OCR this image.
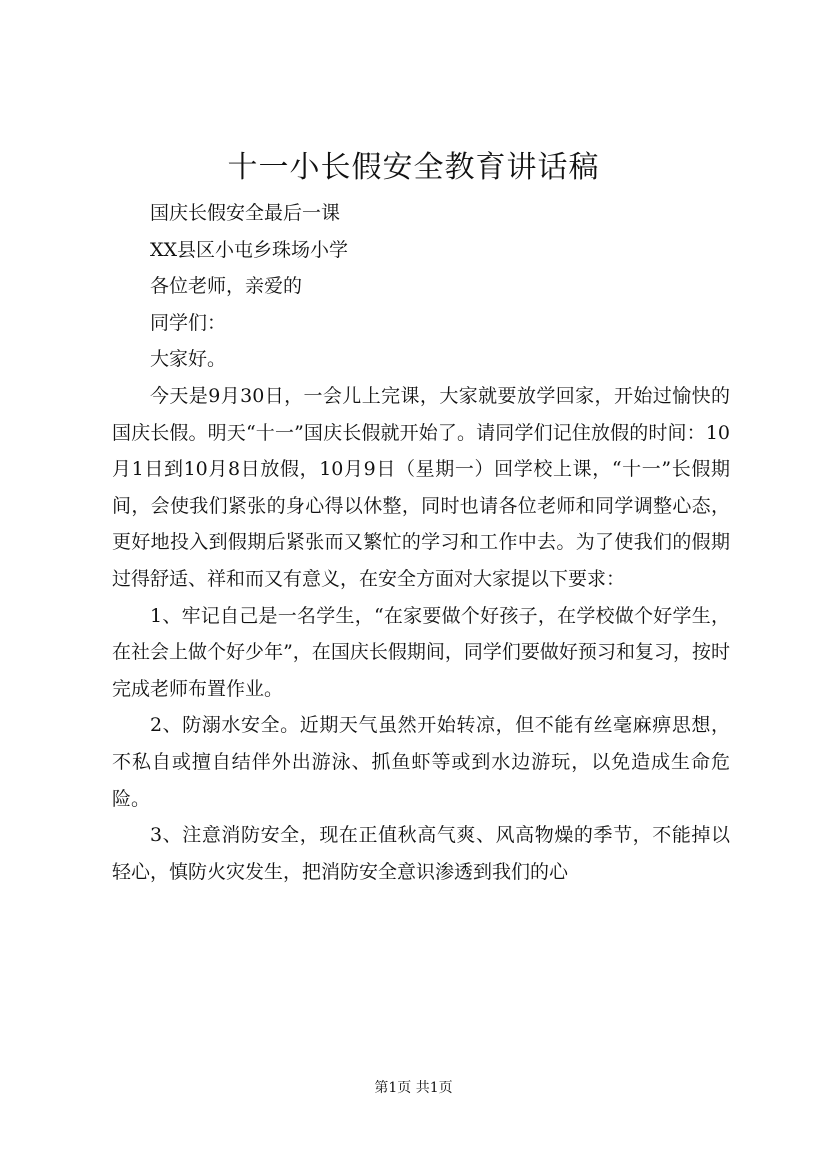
十一小长假安全教育讲话稿

国庆长假安全最后一课

XX县区小屯乡珠场小学

各位老师，亲爱的

同学们：

大家好。

今天是9月30日，一会儿上完课，大家就要放学回家，开始过愉快的国庆长假。明天“十一”国庆长假就开始了。请同学们记住放假的时间：10月1日到10月8日放假，10月9日（星期一）回学校上课，“十一”长假期间，会使我们紧张的身心得以休整，同时也请各位老师和同学调整心态，更好地投入到假期后紧张而又繁忙的学习和工作中去。为了使我们的假期过得舒适、祥和而又有意义，在安全方面对大家提以下要求：

1、牢记自己是一名学生，“在家要做个好孩子，在学校做个好学生，在社会上做个好少年”，在国庆长假期间，同学们要做好预习和复习，按时完成老师布置作业。

2、防溺水安全。近期天气虽然开始转凉，但不能有丝毫麻痹思想，不私自或擅自结伴外出游泳、抓鱼虾等或到水边游玩，以免造成生命危险。

3、注意消防安全，现在正值秋高气爽、风高物燥的季节，不能掉以轻心，慎防火灾发生，把消防安全意识渗透到我们的心

第1页 共1页
